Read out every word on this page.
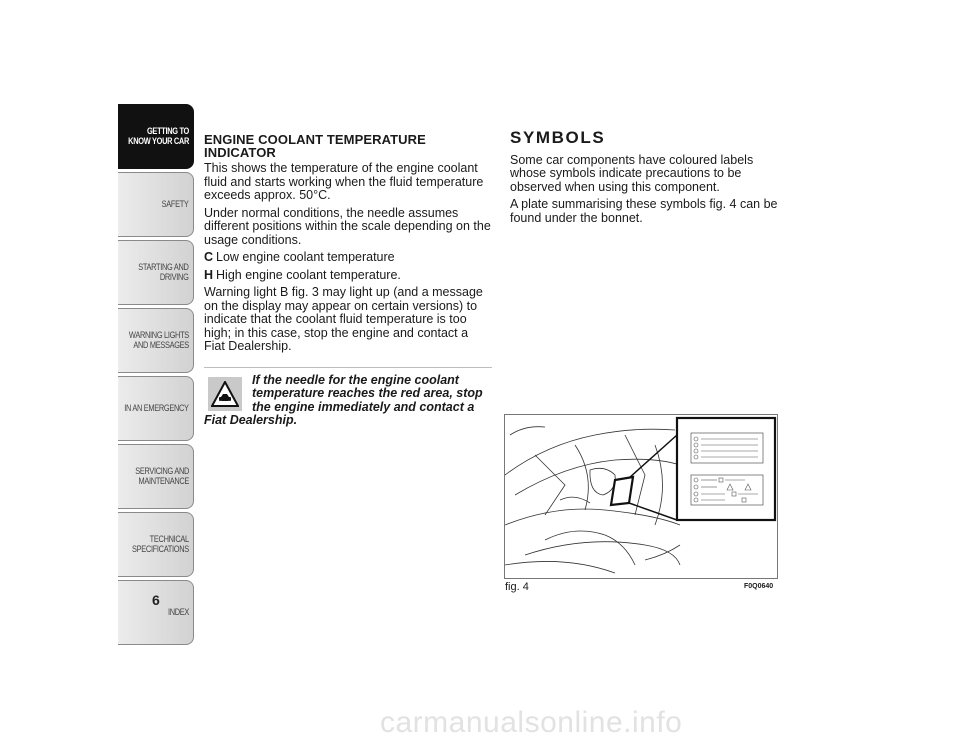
GETTING TO
KNOW YOUR CAR
SAFETY
STARTING AND
DRIVING
WARNING LIGHTS
AND MESSAGES
IN AN EMERGENCY
SERVICING AND
MAINTENANCE
TECHNICAL
SPECIFICATIONS
INDEX
6
ENGINE COOLANT TEMPERATURE INDICATOR

This shows the temperature of the engine coolant fluid and starts working when the fluid temperature exceeds approx. 50°C.

Under normal conditions, the needle assumes different positions within the scale depending on the usage conditions.

C Low engine coolant temperature

H High engine coolant temperature.

Warning light B fig. 3 may light up (and a message on the display may appear on certain versions) to indicate that the coolant fluid temperature is too high; in this case, stop the engine and contact a Fiat Dealership.

If the needle for the engine coolant temperature reaches the red area, stop the engine immediately and contact a Fiat Dealership.
SYMBOLS

Some car components have coloured labels whose symbols indicate precautions to be observed when using this component.

A plate summarising these symbols fig. 4 can be found under the bonnet.

fig. 4	F0Q0640
carmanualsonline.info
